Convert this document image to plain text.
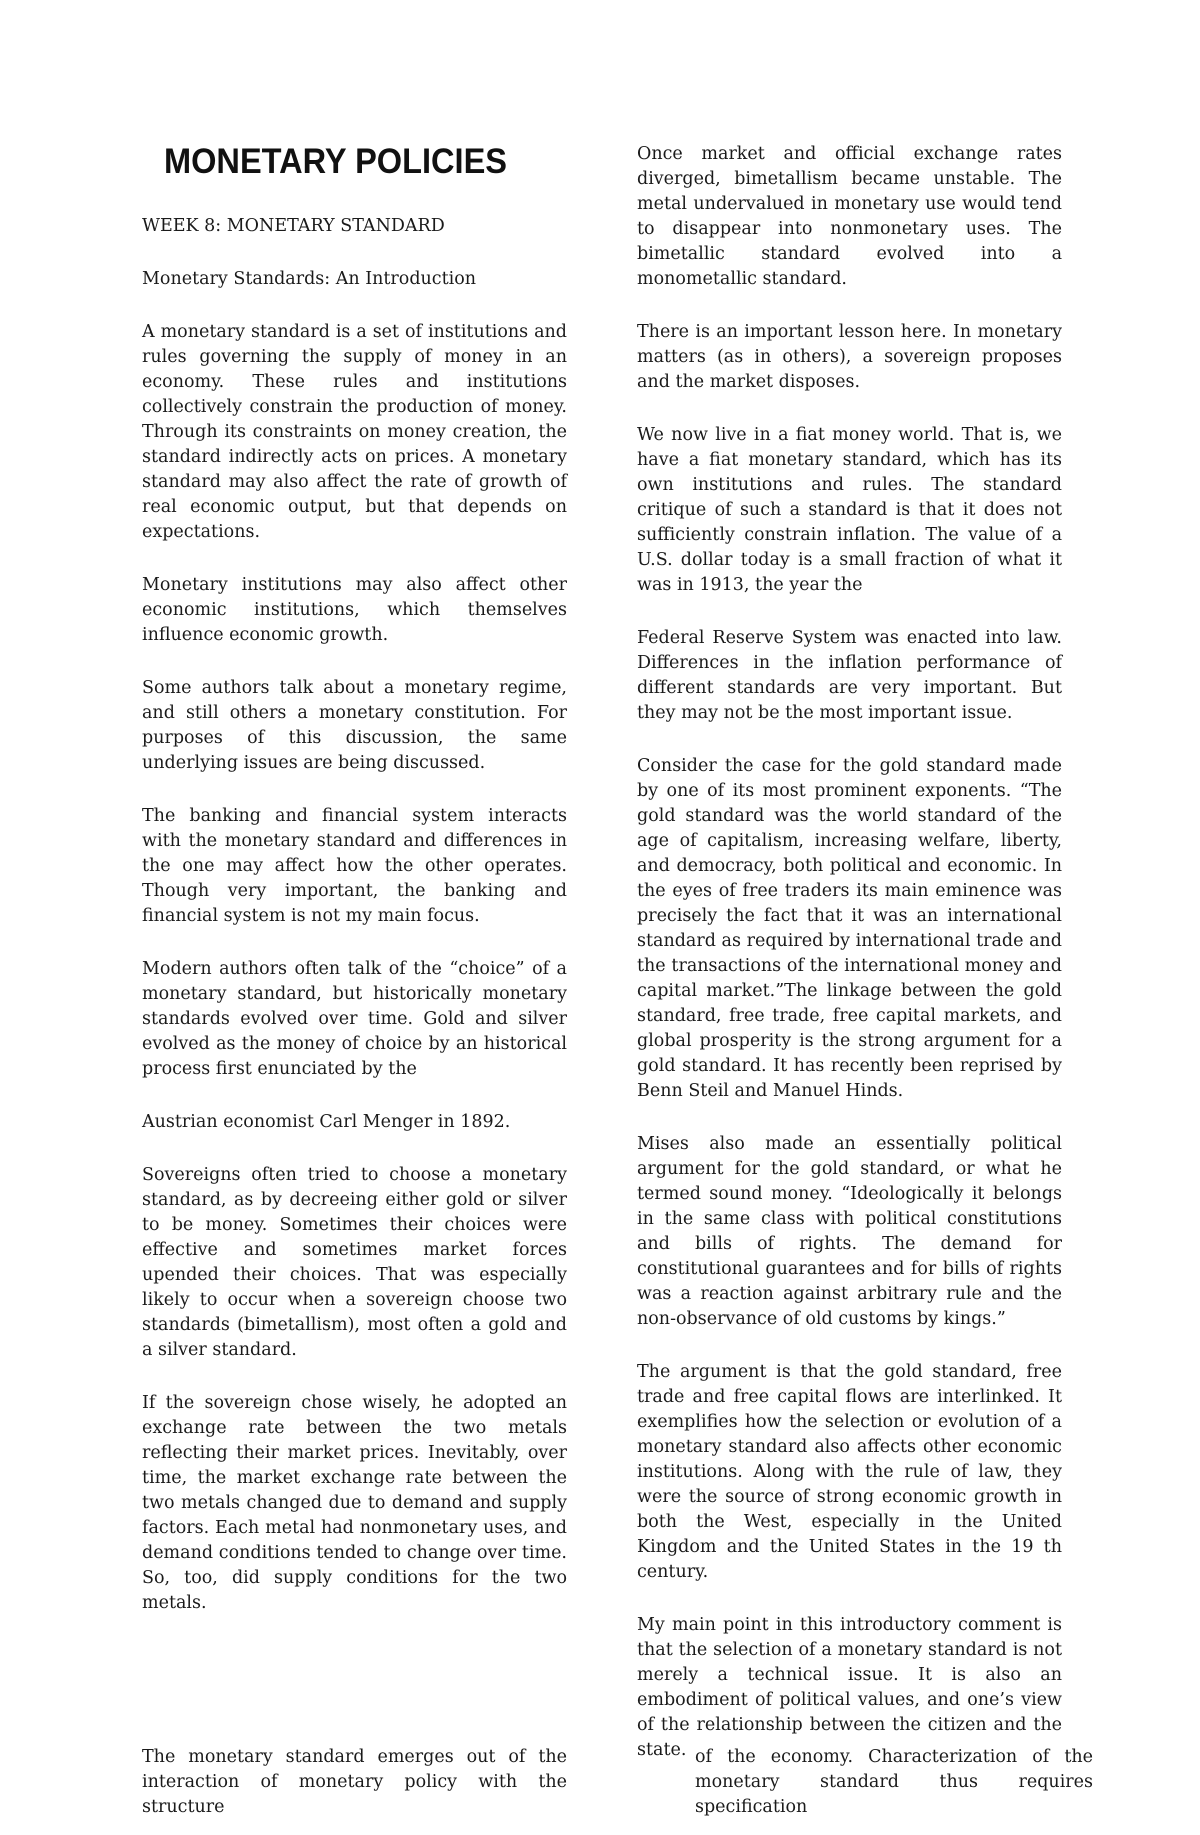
MONETARY POLICIES
WEEK 8: MONETARY STANDARD
Monetary Standards: An Introduction

A monetary standard is a set of institutions and rules governing the supply of money in an economy. These rules and institutions collectively constrain the production of money. Through its constraints on money creation, the standard indirectly acts on prices. A monetary standard may also affect the rate of growth of real economic output, but that depends on expectations.

Monetary institutions may also affect other economic institutions, which themselves influence economic growth.

Some authors talk about a monetary regime, and still others a monetary constitution. For purposes of this discussion, the same underlying issues are being discussed.

The banking and financial system interacts with the monetary standard and differences in the one may affect how the other operates. Though very important, the banking and financial system is not my main focus.

Modern authors often talk of the “choice” of a monetary standard, but historically monetary standards evolved over time. Gold and silver evolved as the money of choice by an historical process first enunciated by the

Austrian economist Carl Menger in 1892.

Sovereigns often tried to choose a monetary standard, as by decreeing either gold or silver to be money. Sometimes their choices were effective and sometimes market forces upended their choices. That was especially likely to occur when a sovereign choose two standards (bimetallism), most often a gold and a silver standard.

If the sovereign chose wisely, he adopted an exchange rate between the two metals reflecting their market prices. Inevitably, over time, the market exchange rate between the two metals changed due to demand and supply factors. Each metal had nonmonetary uses, and demand conditions tended to change over time. So, too, did supply conditions for the two metals.

Once market and official exchange rates diverged, bimetallism became unstable. The metal undervalued in monetary use would tend to disappear into nonmonetary uses. The bimetallic standard evolved into a monometallic standard.

There is an important lesson here. In monetary matters (as in others), a sovereign proposes and the market disposes.

We now live in a fiat money world. That is, we have a fiat monetary standard, which has its own institutions and rules. The standard critique of such a standard is that it does not sufficiently constrain inflation. The value of a U.S. dollar today is a small fraction of what it was in 1913, the year the

Federal Reserve System was enacted into law. Differences in the inflation performance of different standards are very important. But they may not be the most important issue.

Consider the case for the gold standard made by one of its most prominent exponents. “The gold standard was the world standard of the age of capitalism, increasing welfare, liberty, and democracy, both political and economic. In the eyes of free traders its main eminence was precisely the fact that it was an international standard as required by international trade and the transactions of the international money and capital market.”The linkage between the gold standard, free trade, free capital markets, and global prosperity is the strong argument for a gold standard. It has recently been reprised by Benn Steil and Manuel Hinds.

Mises also made an essentially political argument for the gold standard, or what he termed sound money. “Ideologically it belongs in the same class with political constitutions and bills of rights. The demand for constitutional guarantees and for bills of rights was a reaction against arbitrary rule and the non-observance of old customs by kings.”

The argument is that the gold standard, free trade and free capital flows are interlinked. It exemplifies how the selection or evolution of a monetary standard also affects other economic institutions. Along with the rule of law, they were the source of strong economic growth in both the West, especially in the United Kingdom and the United States in the 19 th century.

My main point in this introductory comment is that the selection of a monetary standard is not merely a technical issue. It is also an embodiment of political values, and one’s view of the relationship between the citizen and the state.

The monetary standard emerges out of the interaction of monetary policy with the structure

of the economy. Characterization of the monetary standard thus requires specification
